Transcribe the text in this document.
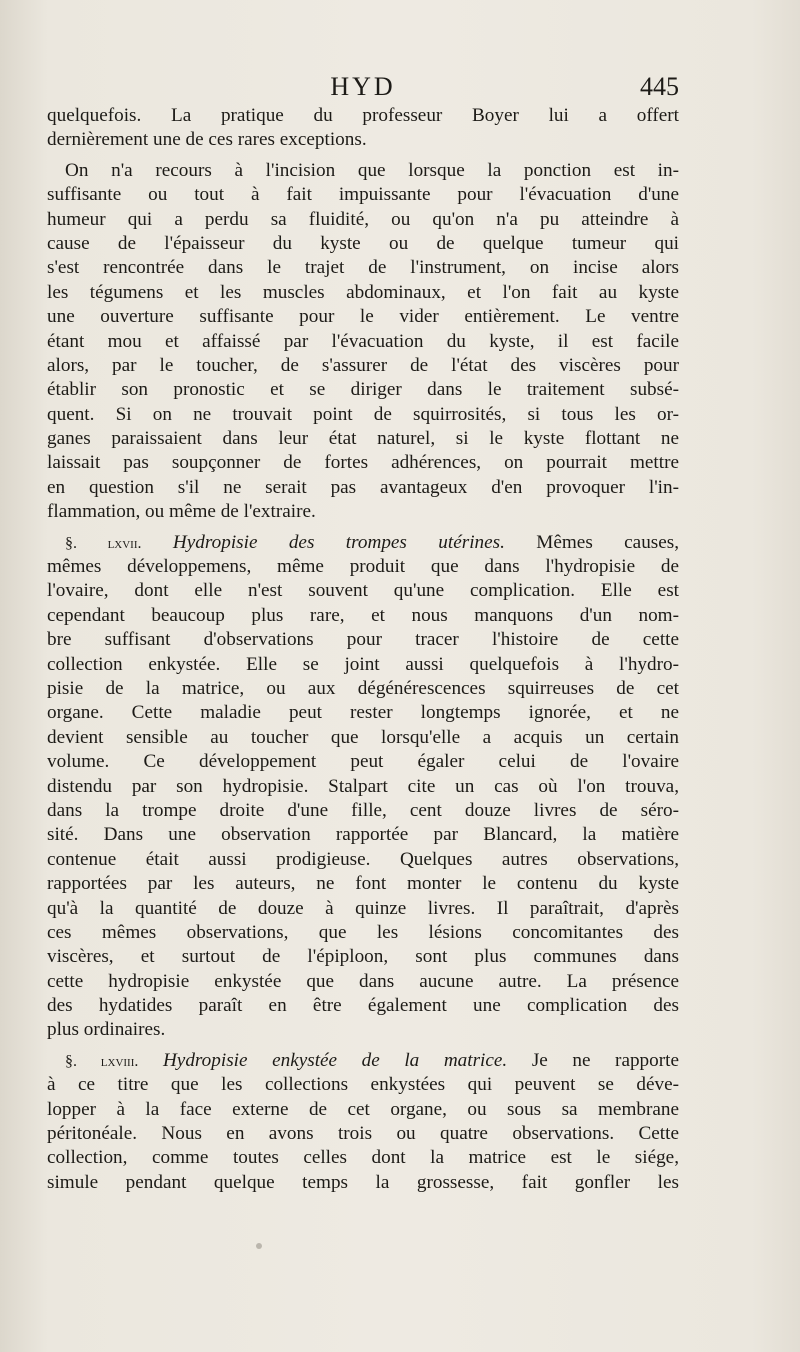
HYD	445
quelquefois. La pratique du professeur Boyer lui a offert
dernièrement une de ces rares exceptions.
On n'a recours à l'incision que lorsque la ponction est in-
suffisante ou tout à fait impuissante pour l'évacuation d'une
humeur qui a perdu sa fluidité, ou qu'on n'a pu atteindre à
cause de l'épaisseur du kyste ou de quelque tumeur qui
s'est rencontrée dans le trajet de l'instrument, on incise alors
les tégumens et les muscles abdominaux, et l'on fait au kyste
une ouverture suffisante pour le vider entièrement. Le ventre
étant mou et affaissé par l'évacuation du kyste, il est facile
alors, par le toucher, de s'assurer de l'état des viscères pour
établir son pronostic et se diriger dans le traitement subsé-
quent. Si on ne trouvait point de squirrosités, si tous les or-
ganes paraissaient dans leur état naturel, si le kyste flottant ne
laissait pas soupçonner de fortes adhérences, on pourrait mettre
en question s'il ne serait pas avantageux d'en provoquer l'in-
flammation, ou même de l'extraire.
§. lxvii. Hydropisie des trompes utérines. Mêmes causes,
mêmes développemens, même produit que dans l'hydropisie de
l'ovaire, dont elle n'est souvent qu'une complication. Elle est
cependant beaucoup plus rare, et nous manquons d'un nom-
bre suffisant d'observations pour tracer l'histoire de cette
collection enkystée. Elle se joint aussi quelquefois à l'hydro-
pisie de la matrice, ou aux dégénérescences squirreuses de cet
organe. Cette maladie peut rester longtemps ignorée, et ne
devient sensible au toucher que lorsqu'elle a acquis un certain
volume. Ce développement peut égaler celui de l'ovaire
distendu par son hydropisie. Stalpart cite un cas où l'on trouva,
dans la trompe droite d'une fille, cent douze livres de séro-
sité. Dans une observation rapportée par Blancard, la matière
contenue était aussi prodigieuse. Quelques autres observations,
rapportées par les auteurs, ne font monter le contenu du kyste
qu'à la quantité de douze à quinze livres. Il paraîtrait, d'après
ces mêmes observations, que les lésions concomitantes des
viscères, et surtout de l'épiploon, sont plus communes dans
cette hydropisie enkystée que dans aucune autre. La présence
des hydatides paraît en être également une complication des
plus ordinaires.
§. lxviii. Hydropisie enkystée de la matrice. Je ne rapporte
à ce titre que les collections enkystées qui peuvent se déve-
lopper à la face externe de cet organe, ou sous sa membrane
péritonéale. Nous en avons trois ou quatre observations. Cette
collection, comme toutes celles dont la matrice est le siége,
simule pendant quelque temps la grossesse, fait gonfler les
